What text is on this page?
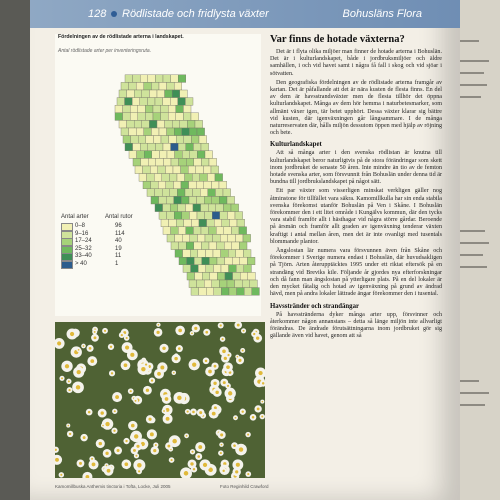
128 Rödlistade och fridlysta växter	Bohusläns Flora
Fördelningen av de rödlistade arterna i landskapet.
Antal rödlistade arter per inventeringsruta.
Antal arter	Antal rutor
0–8	96
9–16	114
17–24	40
25–32	19
33–40	11
> 40	1
Kamomillbuska Anthemis tinctoria i Tofta, Locke, Juli 2005	Foto Reginhild Crawford
Var finns de hotade växterna?

Det är i flyta olika miljöer man finner de hotade arterna i Bohuslän. Det är i kulturlandskapet, både i jordbruksmiljöer och äldre samhällen, i och vid havet samt i några få fall i skog och vid sjöar i sötvatten.

Den geografiska fördelningen av de rödlistade arterna framgår av kartan. Det är påfallande att det är nära kusten de flesta finns. En del av dem är havsstrandsväxter men de flesta tillhör det öppna kulturlandskapet. Många av dem hör hemma i naturbetesmarker, som allmänt växer igen, tär betet upphört. Dessa växter klarar sig bättre vid kusten, där igenväxningen går långsammare. I de många naturreservaten där, hålls miljön dessutom öppen med hjälp av röjning och bete.

Kulturlandskapet

Att så många arter i den svenska rödlistan är knutna till kulturlandskapet beror naturligtvis på de stora förändringar som skett inom jordbruket de senaste 50 åren. Inte mindre än tio av de femton hotade svenska arter, som försvunnit från Bohuslän under denna tid är bundna till jordbrukslandskapet på något sätt.

Ett par växter som visserligen minskat verkligen gäller nog åtminstone för tillfället vara säkra. Kamomillkulla har sin enda stabila svenska förekomst utanför Bohuslän på Ven i Skåne. I Bohuslän förekommer den i ett litet område i Kungälvs kommun, där den tycks vara stabil framför allt i hästhagar vid några större gårdar. Beroende på ärsmän och framför allt graden av igenväxning tenderar växten kraftigt i antal mellan åren, men det är inte ovanligt med tusentals blommande plantor.

Ängslostan lär numera vara försvunnen även från Skåne och förekommer i Sverige numera endast i Bohuslän, där huvudsakligen på Tjörn. Arten återupptäcktes 1995 under ett riktat eftersök på en strandäng vid Breviks kile. Följande år gjordes nya efterforskningar och då fann man ängslostan på ytterligare plats. På en del lokaler är den mycket fåtalig och hotad av igenväxning på grund av ändrad hävd, men på andra lokaler lättrade ängar förekommer den i tusental.

Havsstränder och strandängar

På havsstränderna dyker många arter upp, försvinner och återkommer någon annanstans – detta så länge miljön inte allvarligt förändras. De ändrade förutsättningarna inom jordbruket gör sig gällande även vid havet, genom att så
